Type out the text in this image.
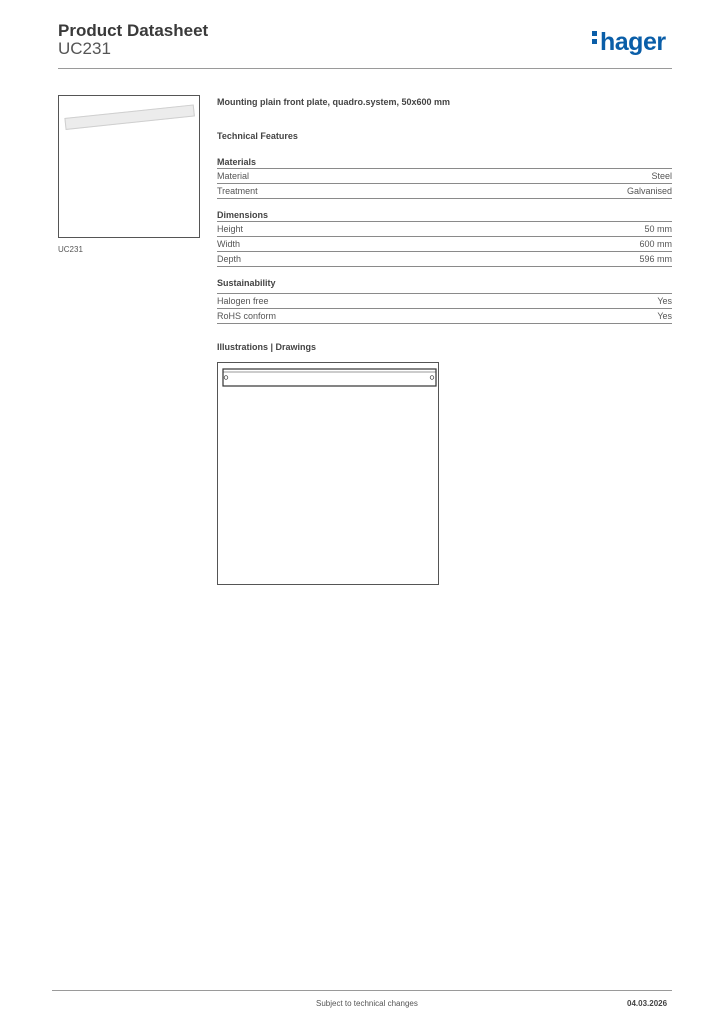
Product Datasheet
UC231	hager
UC231
Mounting plain front plate, quadro.system, 50x600 mm
Technical Features
Materials
Material	Steel
Treatment	Galvanised
Dimensions
Height	50 mm
Width	600 mm
Depth	596 mm
Sustainability
Halogen free	Yes
RoHS conform	Yes
Illustrations | Drawings
Subject to technical changes	04.03.2026
